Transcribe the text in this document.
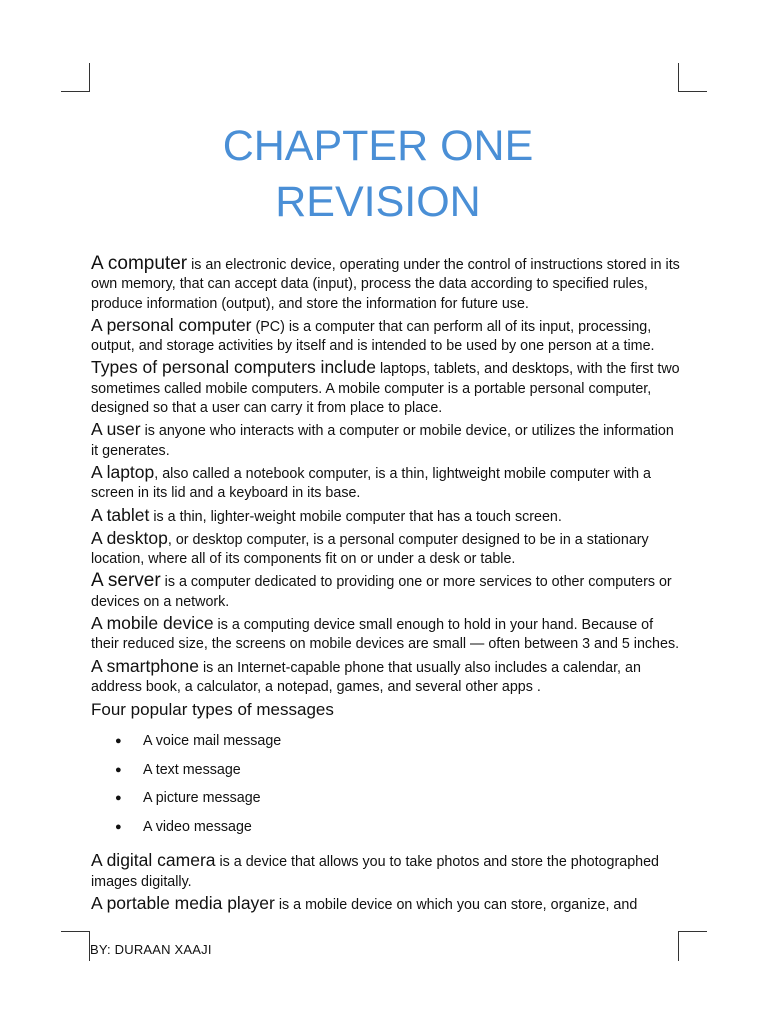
CHAPTER ONE
REVISION

A computer is an electronic device, operating under the control of instructions stored in its own memory, that can accept data (input), process the data according to specified rules, produce information (output), and store the information for future use.

A personal computer (PC) is a computer that can perform all of its input, processing, output, and storage activities by itself and is intended to be used by one person at a time.

Types of personal computers include laptops, tablets, and desktops, with the first two sometimes called mobile computers. A mobile computer is a portable personal computer, designed so that a user can carry it from place to place.

A user is anyone who interacts with a computer or mobile device, or utilizes the information it generates.

A laptop, also called a notebook computer, is a thin, lightweight mobile computer with a screen in its lid and a keyboard in its base.

A tablet is a thin, lighter-weight mobile computer that has a touch screen.

A desktop, or desktop computer, is a personal computer designed to be in a stationary location, where all of its components fit on or under a desk or table.

A server is a computer dedicated to providing one or more services to other computers or devices on a network.

A mobile device is a computing device small enough to hold in your hand. Because of their reduced size, the screens on mobile devices are small — often between 3 and 5 inches.

A smartphone is an Internet-capable phone that usually also includes a calendar, an address book, a calculator, a notepad, games, and several other apps .

Four popular types of messages

● A voice mail message
● A text message
● A picture message
● A video message

A digital camera is a device that allows you to take photos and store the photographed images digitally.

A portable media player is a mobile device on which you can store, organize, and

BY: DURAAN XAAJI
